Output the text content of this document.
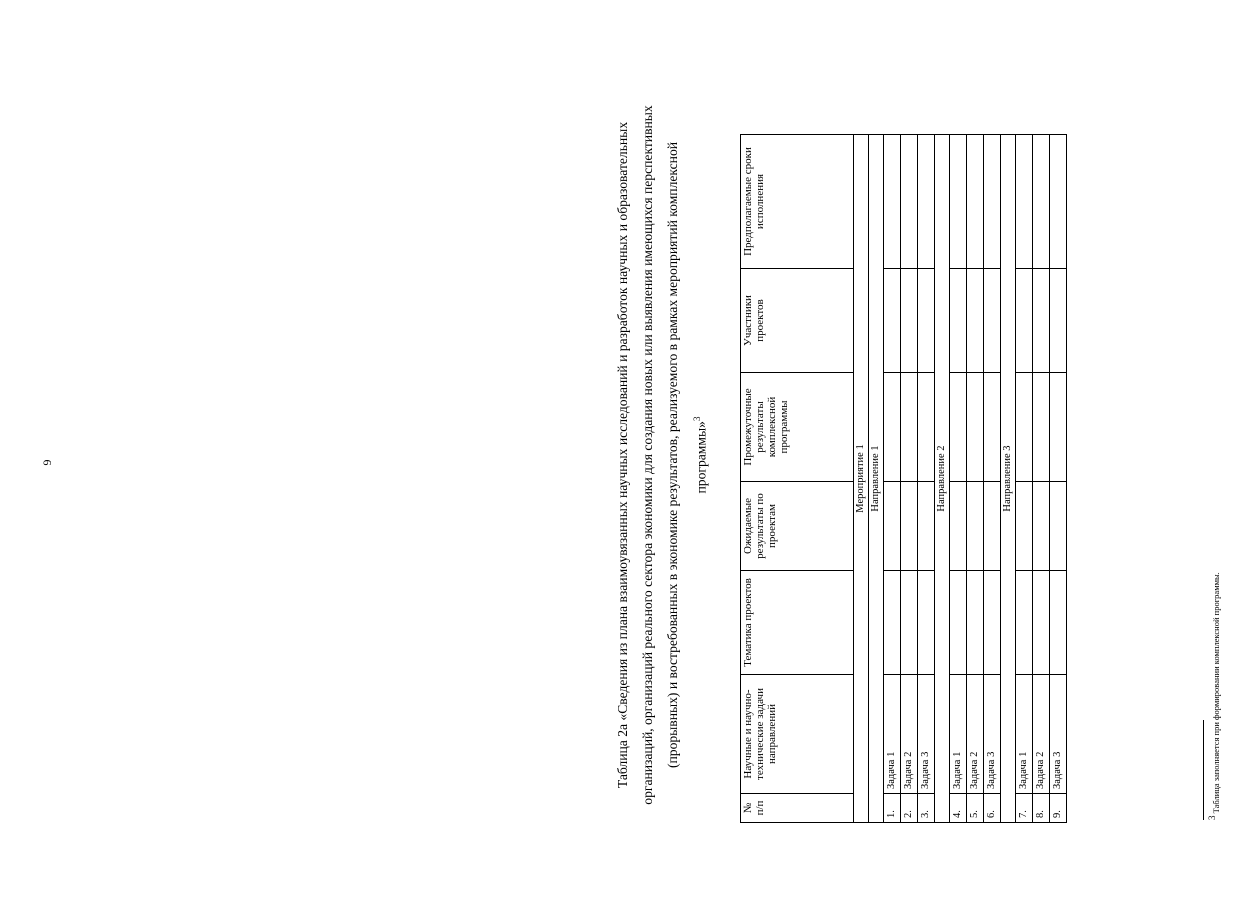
6	Таблица 2а «Сведения из плана взаимоувязанных научных исследований и разработок научных и образовательных организаций, организаций реального сектора экономики для создания новых или выявления имеющихся перспективных (прорывных) и востребованных в экономике результатов, реализуемого в рамках мероприятий комплексной программы»$^3$
№ п/п	Научные и научно-технические задачи направлений	Тематика проектов	Ожидаемые результаты по проектам	Промежуточные результаты комплексной программы	Участники проектов	Предполагаемые сроки исполнения
Мероприятие 1						
Направление 1						
1.	Задача 1					
2.	Задача 2					
3.	Задача 3					
Направление 2						
4.	Задача 1					
5.	Задача 2					
6.	Задача 3					
Направление 3						
7.	Задача 1					
8.	Задача 2					
9.	Задача 3					
$^3$ Таблица заполняется при формировании комплексной программы.
